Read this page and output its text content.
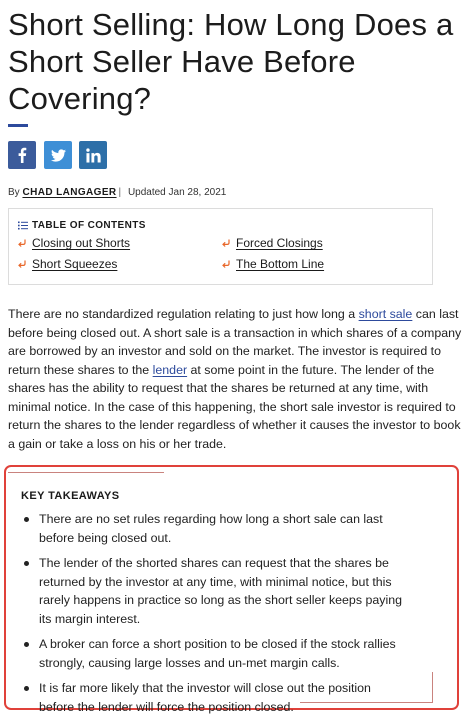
Short Selling: How Long Does a Short Seller Have Before Covering?
By CHAD LANGAGER | Updated Jan 28, 2021
TABLE OF CONTENTS
Closing out Shorts	Forced Closings
Short Squeezes	The Bottom Line

There are no standardized regulation relating to just how long a short sale can last before being closed out. A short sale is a transaction in which shares of a company are borrowed by an investor and sold on the market. The investor is required to return these shares to the lender at some point in the future. The lender of the shares has the ability to request that the shares be returned at any time, with minimal notice. In the case of this happening, the short sale investor is required to return the shares to the lender regardless of whether it causes the investor to book a gain or take a loss on his or her trade.

KEY TAKEAWAYS
There are no set rules regarding how long a short sale can last before being closed out.
The lender of the shorted shares can request that the shares be returned by the investor at any time, with minimal notice, but this rarely happens in practice so long as the short seller keeps paying its margin interest.
A broker can force a short position to be closed if the stock rallies strongly, causing large losses and un-met margin calls.
It is far more likely that the investor will close out the position before the lender will force the position closed.
